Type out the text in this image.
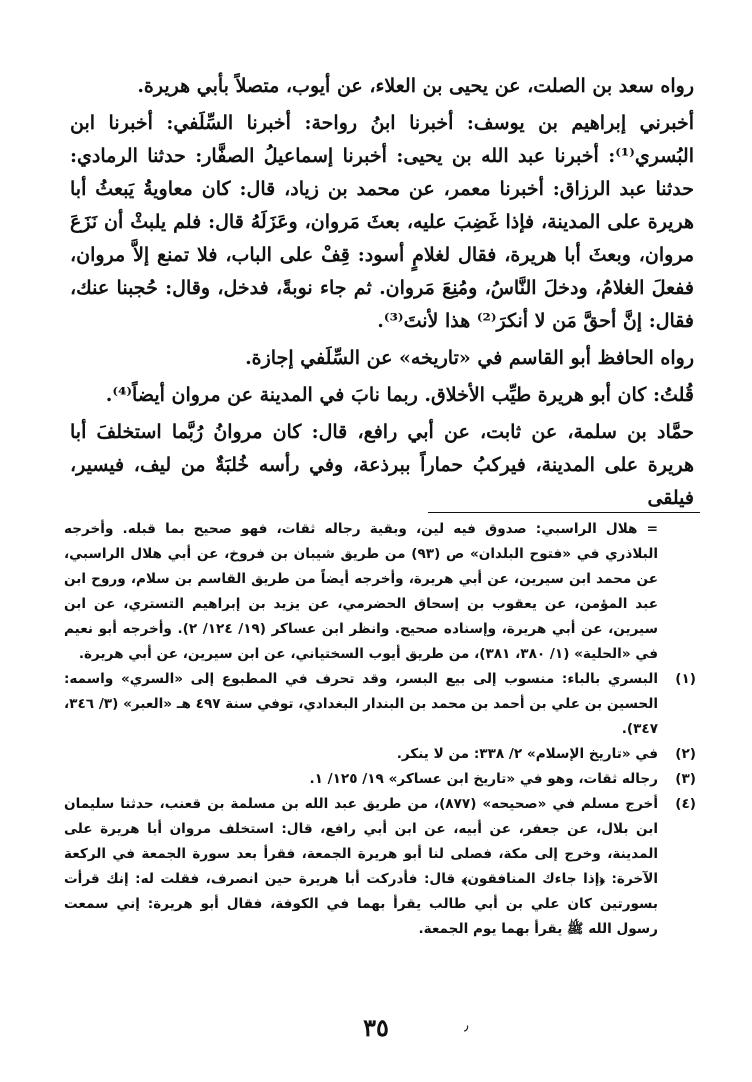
رواه سعد بن الصلت، عن يحيى بن العلاء، عن أيوب، متصلاً بأبي هريرة.

أخبرني إبراهيم بن يوسف: أخبرنا ابنُ رواحة: أخبرنا السِّلَفي: أخبرنا ابن البُسري⁽¹⁾: أخبرنا عبد الله بن يحيى: أخبرنا إسماعيلُ الصفَّار: حدثنا الرمادي: حدثنا عبد الرزاق: أخبرنا معمر، عن محمد بن زياد، قال: كان معاويةُ يَبعثُ أبا هريرة على المدينة، فإذا غَضِبَ عليه، بعثَ مَروان، وعَزَلَهُ قال: فلم يلبثْ أن نَزَعَ مروان، وبعثَ أبا هريرة، فقال لغلامٍ أسود: قِفْ على الباب، فلا تمنع إلاَّ مروان، ففعلَ الغلامُ، ودخلَ النَّاسُ، ومُنِعَ مَروان. ثم جاء نوبةً، فدخل، وقال: حُجبنا عنك، فقال: إنَّ أحقَّ مَن لا أنكرَ⁽²⁾ هذا لأنتَ⁽³⁾.

رواه الحافظ أبو القاسم في «تاريخه» عن السِّلَفي إجازة.

قُلتُ: كان أبو هريرة طيِّب الأخلاق. ربما نابَ في المدينة عن مروان أيضاً⁽⁴⁾.

حمَّاد بن سلمة، عن ثابت، عن أبي رافع، قال: كان مروانُ رُبَّما استخلفَ أبا هريرة على المدينة، فيركبُ حماراً ببرذعة، وفي رأسه خُلبَةٌ من ليف، فيسير، فيلقى

= هلال الراسبي: صدوق فيه لين، وبقية رجاله ثقات، فهو صحيح بما قبله. وأخرجه البلاذري في «فتوح البلدان» ص (٩٣) من طريق شيبان بن فروخ، عن أبي هلال الراسبي، عن محمد ابن سيرين، عن أبي هريرة، وأخرجه أيضاً من طريق القاسم بن سلام، وروح ابن عبد المؤمن، عن يعقوب بن إسحاق الحضرمي، عن يزيد بن إبراهيم التستري، عن ابن سيرين، عن أبي هريرة، وإسناده صحيح. وانظر ابن عساكر (١٩/ ١٢٤/ ٢). وأخرجه أبو نعيم في «الحلية» (١/ ٣٨٠، ٣٨١)، من طريق أيوب السختياني، عن ابن سيرين، عن أبي هريرة.

(١)
البسري بالباء: منسوب إلى بيع البسر، وقد تحرف في المطبوع إلى «السري» واسمه: الحسين بن علي بن أحمد بن محمد بن البندار البغدادي، توفي سنة ٤٩٧ هـ «العبر» (٣/ ٣٤٦، ٣٤٧).
(٢)
في «تاريخ الإسلام» ٢/ ٣٣٨: من لا ينكر.
(٣)
رجاله ثقات، وهو في «تاريخ ابن عساكر» ١٩/ ١٢٥/ ١.
(٤)
أخرج مسلم في «صحيحه» (٨٧٧)، من طريق عبد الله بن مسلمة بن قعنب، حدثنا سليمان ابن بلال، عن جعفر، عن أبيه، عن ابن أبي رافع، قال: استخلف مروان أبا هريرة على المدينة، وخرج إلى مكة، فصلى لنا أبو هريرة الجمعة، فقرأ بعد سورة الجمعة في الركعة الآخرة: ﴿إذا جاءك المنافقون﴾ قال: فأدركت أبا هريرة حين انصرف، فقلت له: إنك قرأت بسورتين كان علي بن أبي طالب يقرأ بهما في الكوفة، فقال أبو هريرة: إني سمعت رسول الله ﷺ يقرأ بهما يوم الجمعة.
٫
٣٥
